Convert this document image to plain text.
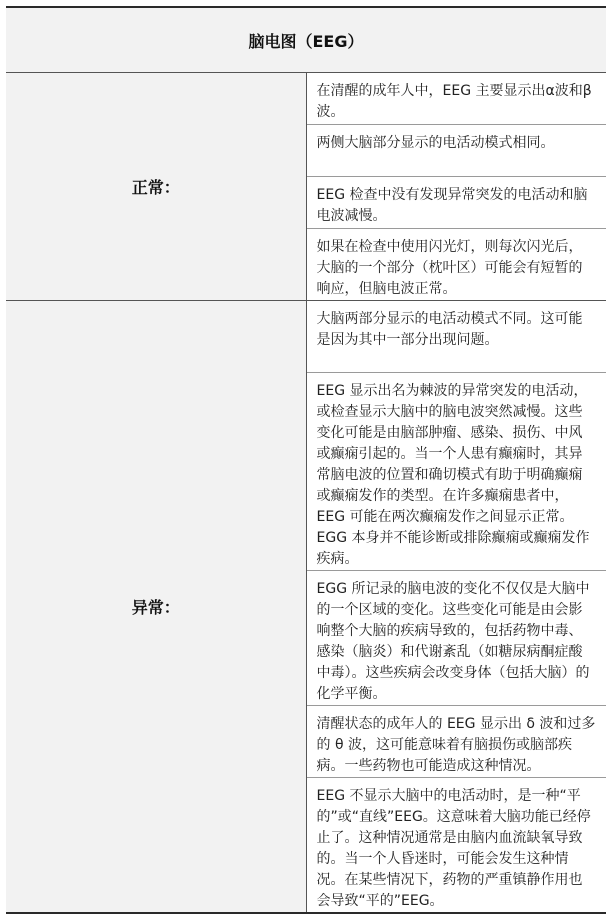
脑电图（EEG）	
正常：	在清醒的成年人中，EEG 主要显示出α波和β波。
	两侧大脑部分显示的电活动模式相同。
	EEG 检查中没有发现异常突发的电活动和脑电波减慢。
	如果在检查中使用闪光灯，则每次闪光后，大脑的一个部分（枕叶区）可能会有短暂的响应，但脑电波正常。
异常：	大脑两部分显示的电活动模式不同。这可能是因为其中一部分出现问题。
	EEG 显示出名为棘波的异常突发的电活动，或检查显示大脑中的脑电波突然减慢。这些变化可能是由脑部肿瘤、感染、损伤、中风或癫痫引起的。当一个人患有癫痫时，其异常脑电波的位置和确切模式有助于明确癫痫或癫痫发作的类型。在许多癫痫患者中，EEG 可能在两次癫痫发作之间显示正常。EGG 本身并不能诊断或排除癫痫或癫痫发作疾病。
	EGG 所记录的脑电波的变化不仅仅是大脑中的一个区域的变化。这些变化可能是由会影响整个大脑的疾病导致的，包括药物中毒、感染（脑炎）和代谢紊乱（如糖尿病酮症酸中毒）。这些疾病会改变身体（包括大脑）的化学平衡。
	清醒状态的成年人的 EEG 显示出 δ 波和过多的 θ 波，这可能意味着有脑损伤或脑部疾病。一些药物也可能造成这种情况。
	EEG 不显示大脑中的电活动时，是一种“平的”或“直线”EEG。这意味着大脑功能已经停止了。这种情况通常是由脑内血流缺氧导致的。当一个人昏迷时，可能会发生这种情况。在某些情况下，药物的严重镇静作用也会导致“平的”EEG。
